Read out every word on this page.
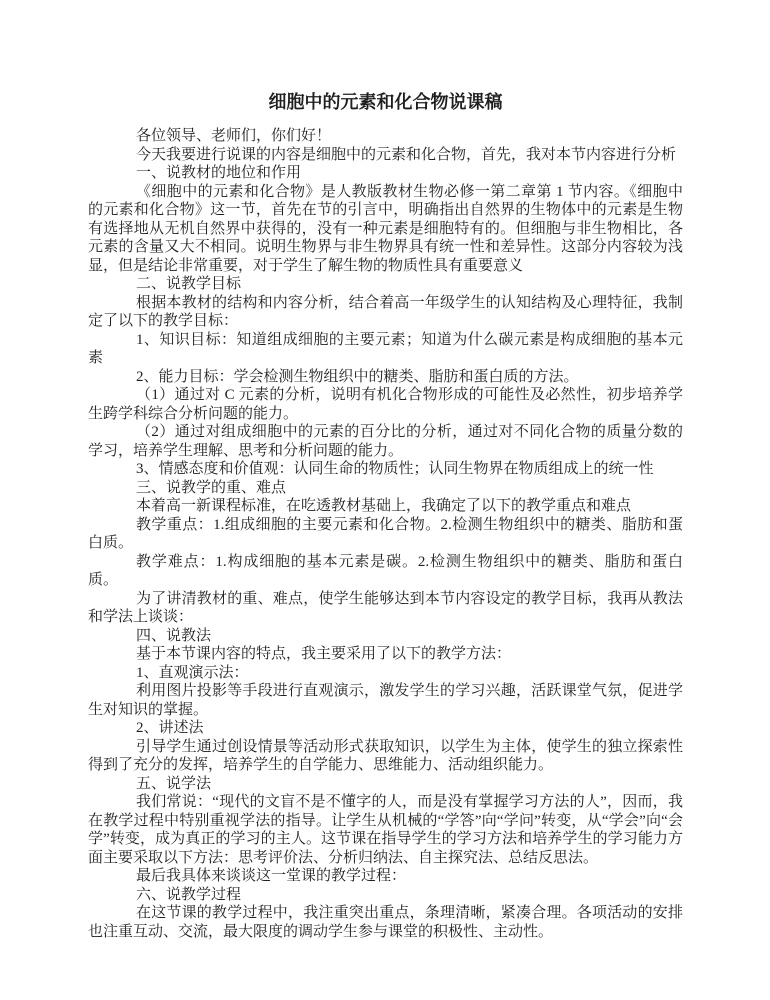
细胞中的元素和化合物说课稿

各位领导、老师们，你们好！

今天我要进行说课的内容是细胞中的元素和化合物，首先，我对本节内容进行分析

一、说教材的地位和作用

《细胞中的元素和化合物》是人教版教材生物必修一第二章第 1 节内容。《细胞中的元素和化合物》这一节，首先在节的引言中，明确指出自然界的生物体中的元素是生物有选择地从无机自然界中获得的，没有一种元素是细胞特有的。但细胞与非生物相比，各元素的含量又大不相同。说明生物界与非生物界具有统一性和差异性。这部分内容较为浅显，但是结论非常重要，对于学生了解生物的物质性具有重要意义

二、说教学目标

根据本教材的结构和内容分析，结合着高一年级学生的认知结构及心理特征，我制定了以下的教学目标：

1、知识目标：知道组成细胞的主要元素；知道为什么碳元素是构成细胞的基本元素

2、能力目标：学会检测生物组织中的糖类、脂肪和蛋白质的方法。

（1）通过对 C 元素的分析，说明有机化合物形成的可能性及必然性，初步培养学生跨学科综合分析问题的能力。

（2）通过对组成细胞中的元素的百分比的分析，通过对不同化合物的质量分数的学习，培养学生理解、思考和分析问题的能力。

3、情感态度和价值观：认同生命的物质性；认同生物界在物质组成上的统一性

三、说教学的重、难点

本着高一新课程标准，在吃透教材基础上，我确定了以下的教学重点和难点

教学重点：1.组成细胞的主要元素和化合物。2.检测生物组织中的糖类、脂肪和蛋白质。

教学难点：1.构成细胞的基本元素是碳。2.检测生物组织中的糖类、脂肪和蛋白质。

为了讲清教材的重、难点，使学生能够达到本节内容设定的教学目标，我再从教法和学法上谈谈：

四、说教法

基于本节课内容的特点，我主要采用了以下的教学方法：

1、直观演示法：

利用图片投影等手段进行直观演示，激发学生的学习兴趣，活跃课堂气氛，促进学生对知识的掌握。

2、讲述法

引导学生通过创设情景等活动形式获取知识，以学生为主体，使学生的独立探索性得到了充分的发挥，培养学生的自学能力、思维能力、活动组织能力。

五、说学法

我们常说：“现代的文盲不是不懂字的人，而是没有掌握学习方法的人”，因而，我在教学过程中特别重视学法的指导。让学生从机械的“学答”向“学问”转变，从“学会”向“会学”转变，成为真正的学习的主人。这节课在指导学生的学习方法和培养学生的学习能力方面主要采取以下方法：思考评价法、分析归纳法、自主探究法、总结反思法。

最后我具体来谈谈这一堂课的教学过程：

六、说教学过程

在这节课的教学过程中，我注重突出重点，条理清晰，紧凑合理。各项活动的安排也注重互动、交流，最大限度的调动学生参与课堂的积极性、主动性。
